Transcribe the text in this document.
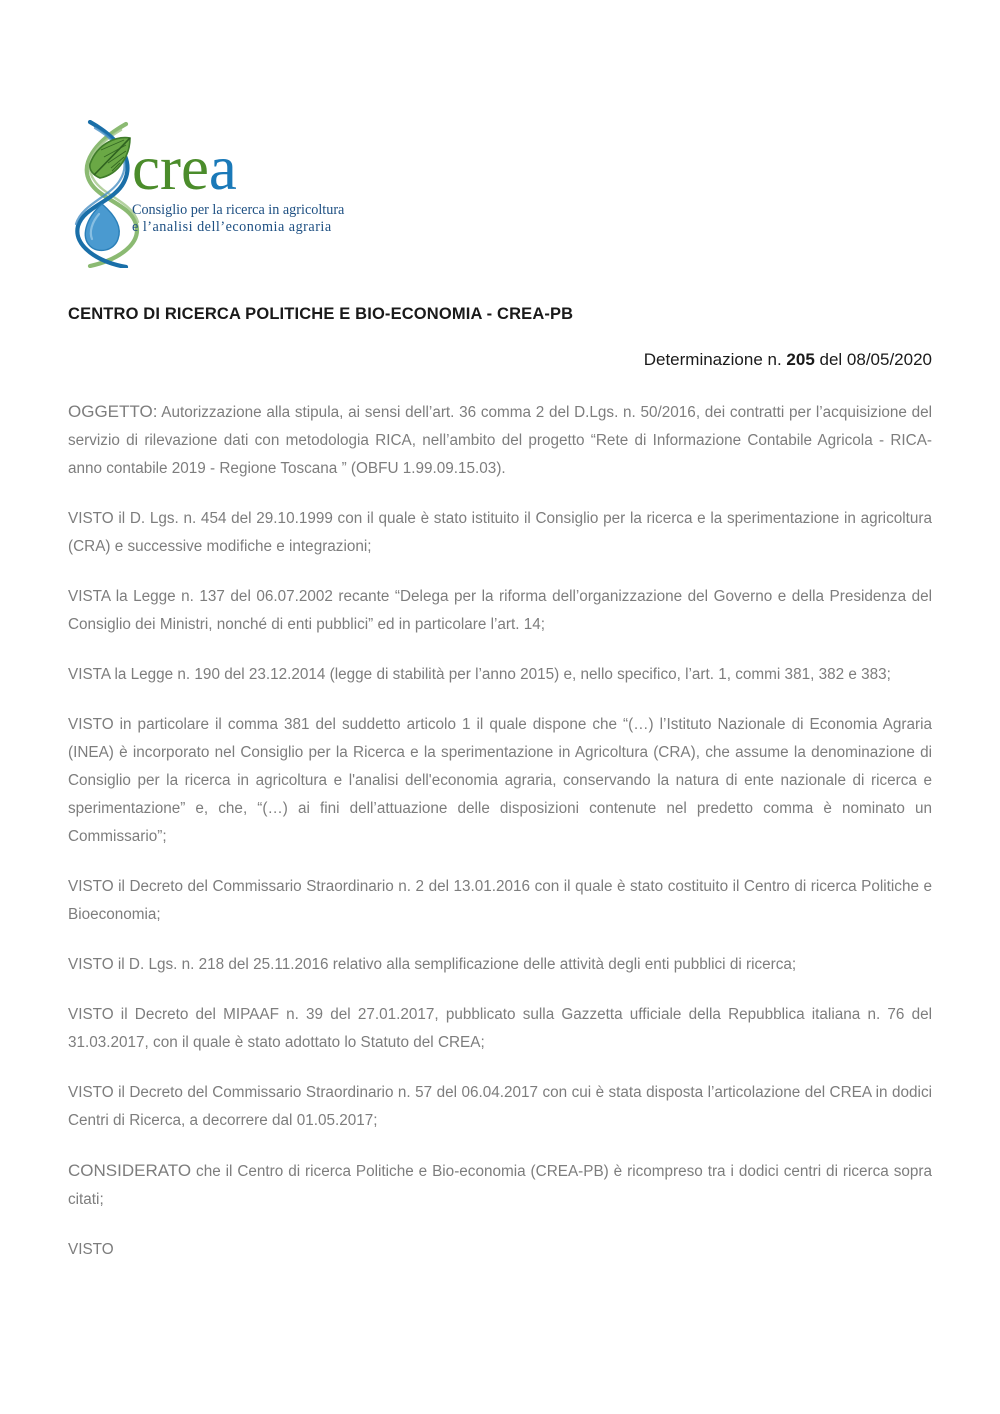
crea
Consiglio per la ricerca in agricoltura
e l’analisi dell’economia agraria
CENTRO DI RICERCA POLITICHE E BIO-ECONOMIA - CREA-PB
Determinazione n. 205 del 08/05/2020

OGGETTO: Autorizzazione alla stipula, ai sensi dell’art. 36 comma 2 del D.Lgs. n. 50/2016, dei contratti per l’acquisizione del servizio di rilevazione dati con metodologia RICA, nell’ambito del progetto “Rete di Informazione Contabile Agricola - RICA- anno contabile 2019 - Regione Toscana ” (OBFU 1.99.09.15.03).

VISTO il D. Lgs. n. 454 del 29.10.1999 con il quale è stato istituito il Consiglio per la ricerca e la sperimentazione in agricoltura (CRA) e successive modifiche e integrazioni;

VISTA la Legge n. 137 del 06.07.2002 recante “Delega per la riforma dell’organizzazione del Governo e della Presidenza del Consiglio dei Ministri, nonché di enti pubblici” ed in particolare l’art. 14;

VISTA la Legge n. 190 del 23.12.2014 (legge di stabilità per l’anno 2015) e, nello specifico, l’art. 1, commi 381, 382 e 383;

VISTO in particolare il comma 381 del suddetto articolo 1 il quale dispone che “(…) l’Istituto Nazionale di Economia Agraria (INEA) è incorporato nel Consiglio per la Ricerca e la sperimentazione in Agricoltura (CRA), che assume la denominazione di Consiglio per la ricerca in agricoltura e l'analisi dell'economia agraria, conservando la natura di ente nazionale di ricerca e sperimentazione” e, che, “(…) ai fini dell’attuazione delle disposizioni contenute nel predetto comma è nominato un Commissario”;

VISTO il Decreto del Commissario Straordinario n. 2 del 13.01.2016 con il quale è stato costituito il Centro di ricerca Politiche e Bioeconomia;

VISTO il D. Lgs. n. 218 del 25.11.2016 relativo alla semplificazione delle attività degli enti pubblici di ricerca;

VISTO il Decreto del MIPAAF n. 39 del 27.01.2017, pubblicato sulla Gazzetta ufficiale della Repubblica italiana n. 76 del 31.03.2017, con il quale è stato adottato lo Statuto del CREA;

VISTO il Decreto del Commissario Straordinario n. 57 del 06.04.2017 con cui è stata disposta l’articolazione del CREA in dodici Centri di Ricerca, a decorrere dal 01.05.2017;

CONSIDERATO che il Centro di ricerca Politiche e Bio-economia (CREA-PB) è ricompreso tra i dodici centri di ricerca sopra citati;

VISTO
